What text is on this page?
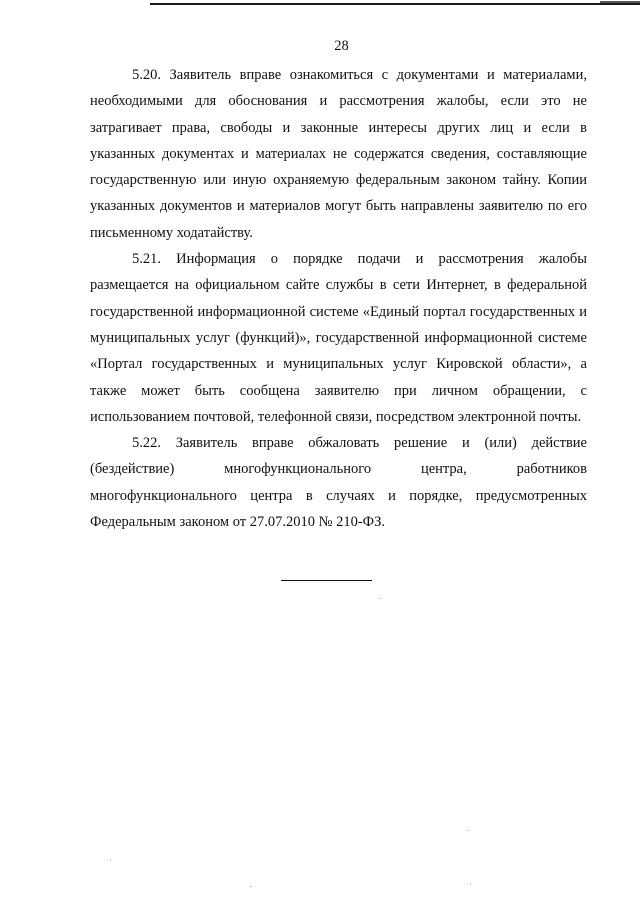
28

5.20. Заявитель вправе ознакомиться с документами и материалами, необходимыми для обоснования и рассмотрения жалобы, если это не затрагивает права, свободы и законные интересы других лиц и если в указанных документах и материалах не содержатся сведения, составляющие государственную или иную охраняемую федеральным законом тайну. Копии указанных документов и материалов могут быть направлены заявителю по его письменному ходатайству.

5.21. Информация о порядке подачи и рассмотрения жалобы размещается на официальном сайте службы в сети Интернет, в федеральной государственной информационной системе «Единый портал государственных и муниципальных услуг (функций)», государственной информационной системе «Портал государственных и муниципальных услуг Кировской области», а также может быть сообщена заявителю при личном обращении, с использованием почтовой, телефонной связи, посредством электронной почты.

5.22. Заявитель вправе обжаловать решение и (или) действие (бездействие) многофункционального центра, работников многофункционального центра в случаях и порядке, предусмотренных Федеральным законом от 27.07.2010 № 210-ФЗ.
